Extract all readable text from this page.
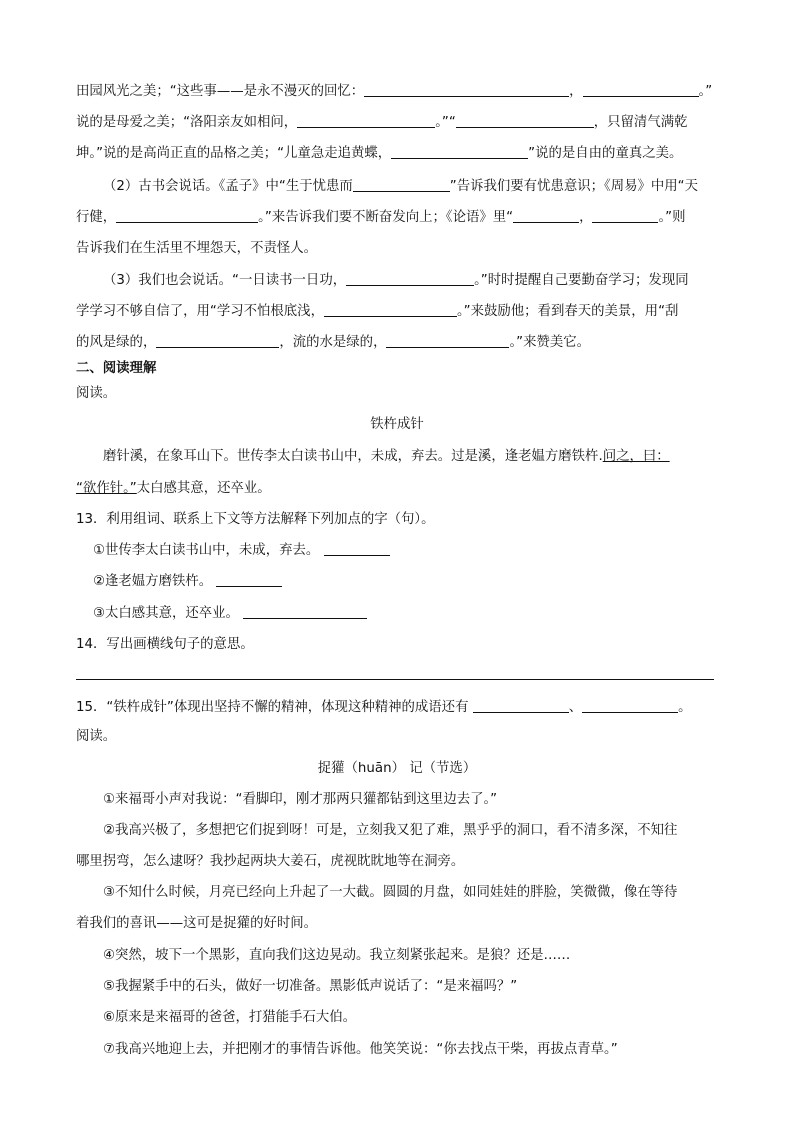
田园风光之美；“这些事——是永不漫灭的回忆：	，	。”
说的是母爱之美；“洛阳亲友如相问，	。”“	，只留清气满乾
坤。”说的是高尚正直的品格之美；“儿童急走追黄蝶，	”说的是自由的童真之美。
（2）古书会说话。《孟子》中“生于忧患而	”告诉我们要有忧患意识；《周易》中用“天
行健，	。”来告诉我们要不断奋发向上；《论语》里“	，	。”则
告诉我们在生活里不埋怨天，不责怪人。
（3）我们也会说话。“一日读书一日功，	。”时时提醒自己要勤奋学习；发现同
学学习不够自信了，用“学习不怕根底浅，	。”来鼓励他；看到春天的美景，用“刮
的风是绿的，	，流的水是绿的，	。”来赞美它。
二、阅读理解
阅读。
铁杵成针
磨针溪，在象耳山下。世传李太白读书山中，未成，弃去。过是溪，逢老媪方磨铁杵.问之，曰：
“欲作针。”太白感其意，还卒业。
13．利用组词、联系上下文等方法解释下列加点的字（句）。
①世传李太白读书山中，未成，弃去。
②逢老媪方磨铁杵。
③太白感其意，还卒业。
14．写出画横线句子的意思。
15．“铁杵成针”体现出坚持不懈的精神，体现这种精神的成语还有	、	。
阅读。
捉獾（huān） 记（节选）
①来福哥小声对我说：“看脚印，刚才那两只獾都钻到这里边去了。”
②我高兴极了，多想把它们捉到呀！可是，立刻我又犯了难，黑乎乎的洞口，看不清多深，不知往
哪里拐弯，怎么逮呀？我抄起两块大姜石，虎视眈眈地等在洞旁。
③不知什么时候，月亮已经向上升起了一大截。圆圆的月盘，如同娃娃的胖脸，笑微微，像在等待
着我们的喜讯——这可是捉獾的好时间。
④突然，坡下一个黑影，直向我们这边晃动。我立刻紧张起来。是狼？还是……
⑤我握紧手中的石头，做好一切准备。黑影低声说话了：“是来福吗？”
⑥原来是来福哥的爸爸，打猎能手石大伯。
⑦我高兴地迎上去，并把刚才的事情告诉他。他笑笑说：“你去找点干柴，再拔点青草。”
